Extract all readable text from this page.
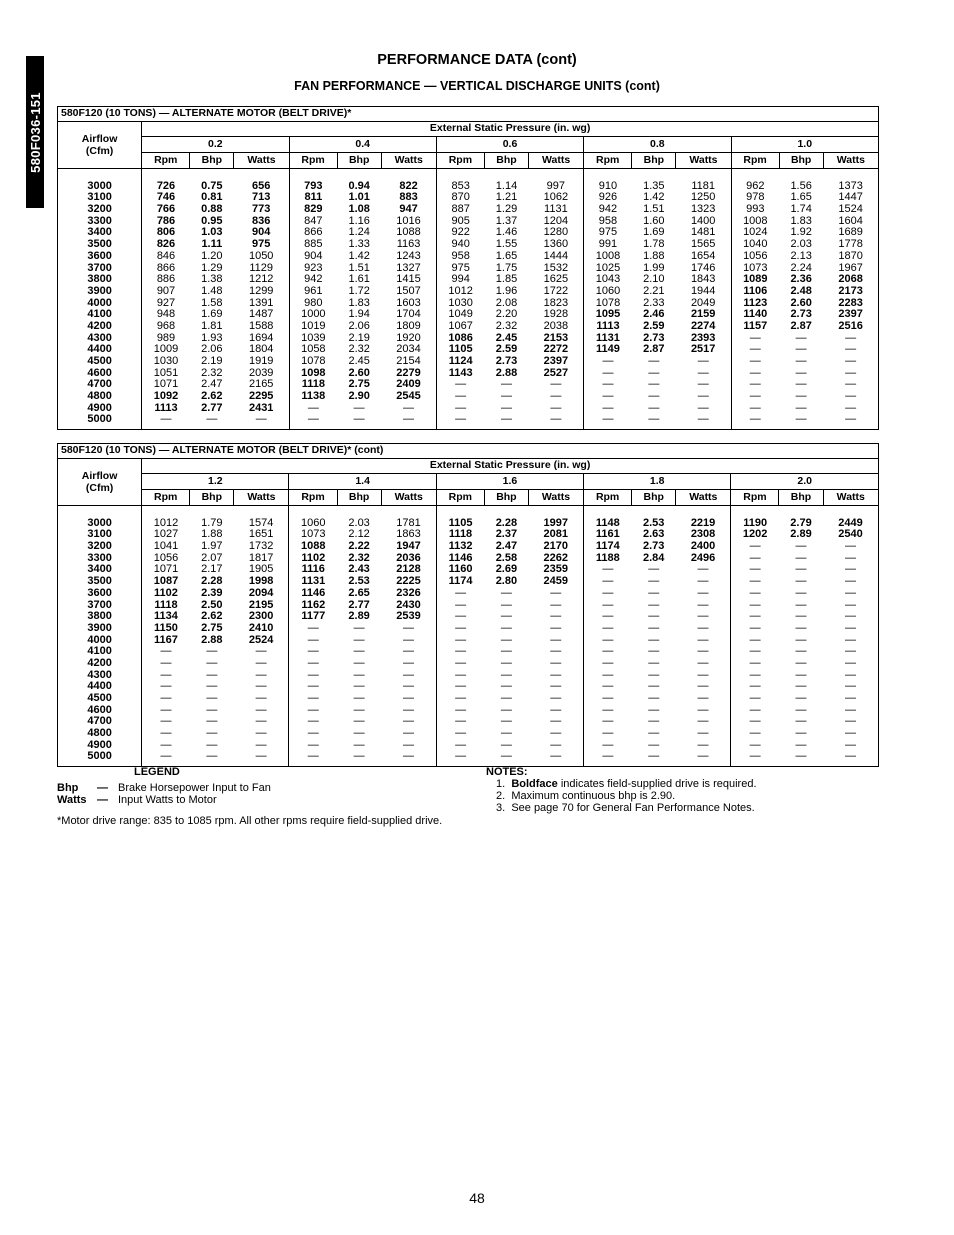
580F036-151
PERFORMANCE DATA (cont)
FAN PERFORMANCE — VERTICAL DISCHARGE UNITS (cont)
580F120 (10 TONS) — ALTERNATE MOTOR (BELT DRIVE)*															
Airflow
(Cfm)	External Static Pressure (in. wg)														
	0.2			0.4			0.6			0.8			1.0		
	Rpm	Bhp	Watts	Rpm	Bhp	Watts	Rpm	Bhp	Watts	Rpm	Bhp	Watts	Rpm	Bhp	Watts

3000	726	0.75	656	793	0.94	822	853	1.14	997	910	1.35	1181	962	1.56	1373
3100	746	0.81	713	811	1.01	883	870	1.21	1062	926	1.42	1250	978	1.65	1447
3200	766	0.88	773	829	1.08	947	887	1.29	1131	942	1.51	1323	993	1.74	1524
3300	786	0.95	836	847	1.16	1016	905	1.37	1204	958	1.60	1400	1008	1.83	1604
3400	806	1.03	904	866	1.24	1088	922	1.46	1280	975	1.69	1481	1024	1.92	1689
3500	826	1.11	975	885	1.33	1163	940	1.55	1360	991	1.78	1565	1040	2.03	1778
3600	846	1.20	1050	904	1.42	1243	958	1.65	1444	1008	1.88	1654	1056	2.13	1870
3700	866	1.29	1129	923	1.51	1327	975	1.75	1532	1025	1.99	1746	1073	2.24	1967
3800	886	1.38	1212	942	1.61	1415	994	1.85	1625	1043	2.10	1843	1089	2.36	2068
3900	907	1.48	1299	961	1.72	1507	1012	1.96	1722	1060	2.21	1944	1106	2.48	2173
4000	927	1.58	1391	980	1.83	1603	1030	2.08	1823	1078	2.33	2049	1123	2.60	2283
4100	948	1.69	1487	1000	1.94	1704	1049	2.20	1928	1095	2.46	2159	1140	2.73	2397
4200	968	1.81	1588	1019	2.06	1809	1067	2.32	2038	1113	2.59	2274	1157	2.87	2516
4300	989	1.93	1694	1039	2.19	1920	1086	2.45	2153	1131	2.73	2393	—	—	—
4400	1009	2.06	1804	1058	2.32	2034	1105	2.59	2272	1149	2.87	2517	—	—	—
4500	1030	2.19	1919	1078	2.45	2154	1124	2.73	2397	—	—	—	—	—	—
4600	1051	2.32	2039	1098	2.60	2279	1143	2.88	2527	—	—	—	—	—	—
4700	1071	2.47	2165	1118	2.75	2409	—	—	—	—	—	—	—	—	—
4800	1092	2.62	2295	1138	2.90	2545	—	—	—	—	—	—	—	—	—
4900	1113	2.77	2431	—	—	—	—	—	—	—	—	—	—	—	—
5000	—	—	—	—	—	—	—	—	—	—	—	—	—	—	—
580F120 (10 TONS) — ALTERNATE MOTOR (BELT DRIVE)* (cont)															
Airflow
(Cfm)	External Static Pressure (in. wg)														
	1.2			1.4			1.6			1.8			2.0		
	Rpm	Bhp	Watts	Rpm	Bhp	Watts	Rpm	Bhp	Watts	Rpm	Bhp	Watts	Rpm	Bhp	Watts

3000	1012	1.79	1574	1060	2.03	1781	1105	2.28	1997	1148	2.53	2219	1190	2.79	2449
3100	1027	1.88	1651	1073	2.12	1863	1118	2.37	2081	1161	2.63	2308	1202	2.89	2540
3200	1041	1.97	1732	1088	2.22	1947	1132	2.47	2170	1174	2.73	2400	—	—	—
3300	1056	2.07	1817	1102	2.32	2036	1146	2.58	2262	1188	2.84	2496	—	—	—
3400	1071	2.17	1905	1116	2.43	2128	1160	2.69	2359	—	—	—	—	—	—
3500	1087	2.28	1998	1131	2.53	2225	1174	2.80	2459	—	—	—	—	—	—
3600	1102	2.39	2094	1146	2.65	2326	—	—	—	—	—	—	—	—	—
3700	1118	2.50	2195	1162	2.77	2430	—	—	—	—	—	—	—	—	—
3800	1134	2.62	2300	1177	2.89	2539	—	—	—	—	—	—	—	—	—
3900	1150	2.75	2410	—	—	—	—	—	—	—	—	—	—	—	—
4000	1167	2.88	2524	—	—	—	—	—	—	—	—	—	—	—	—
4100	—	—	—	—	—	—	—	—	—	—	—	—	—	—	—
4200	—	—	—	—	—	—	—	—	—	—	—	—	—	—	—
4300	—	—	—	—	—	—	—	—	—	—	—	—	—	—	—
4400	—	—	—	—	—	—	—	—	—	—	—	—	—	—	—
4500	—	—	—	—	—	—	—	—	—	—	—	—	—	—	—
4600	—	—	—	—	—	—	—	—	—	—	—	—	—	—	—
4700	—	—	—	—	—	—	—	—	—	—	—	—	—	—	—
4800	—	—	—	—	—	—	—	—	—	—	—	—	—	—	—
4900	—	—	—	—	—	—	—	—	—	—	—	—	—	—	—
5000	—	—	—	—	—	—	—	—	—	—	—	—	—	—	—
LEGEND
Bhp	— Brake Horsepower Input to Fan
Watts — Input Watts to Motor
*Motor drive range: 835 to 1085 rpm. All other rpms require field-supplied drive.
NOTES:
1. Boldface indicates field-supplied drive is required.
2. Maximum continuous bhp is 2.90.
3. See page 70 for General Fan Performance Notes.
48
